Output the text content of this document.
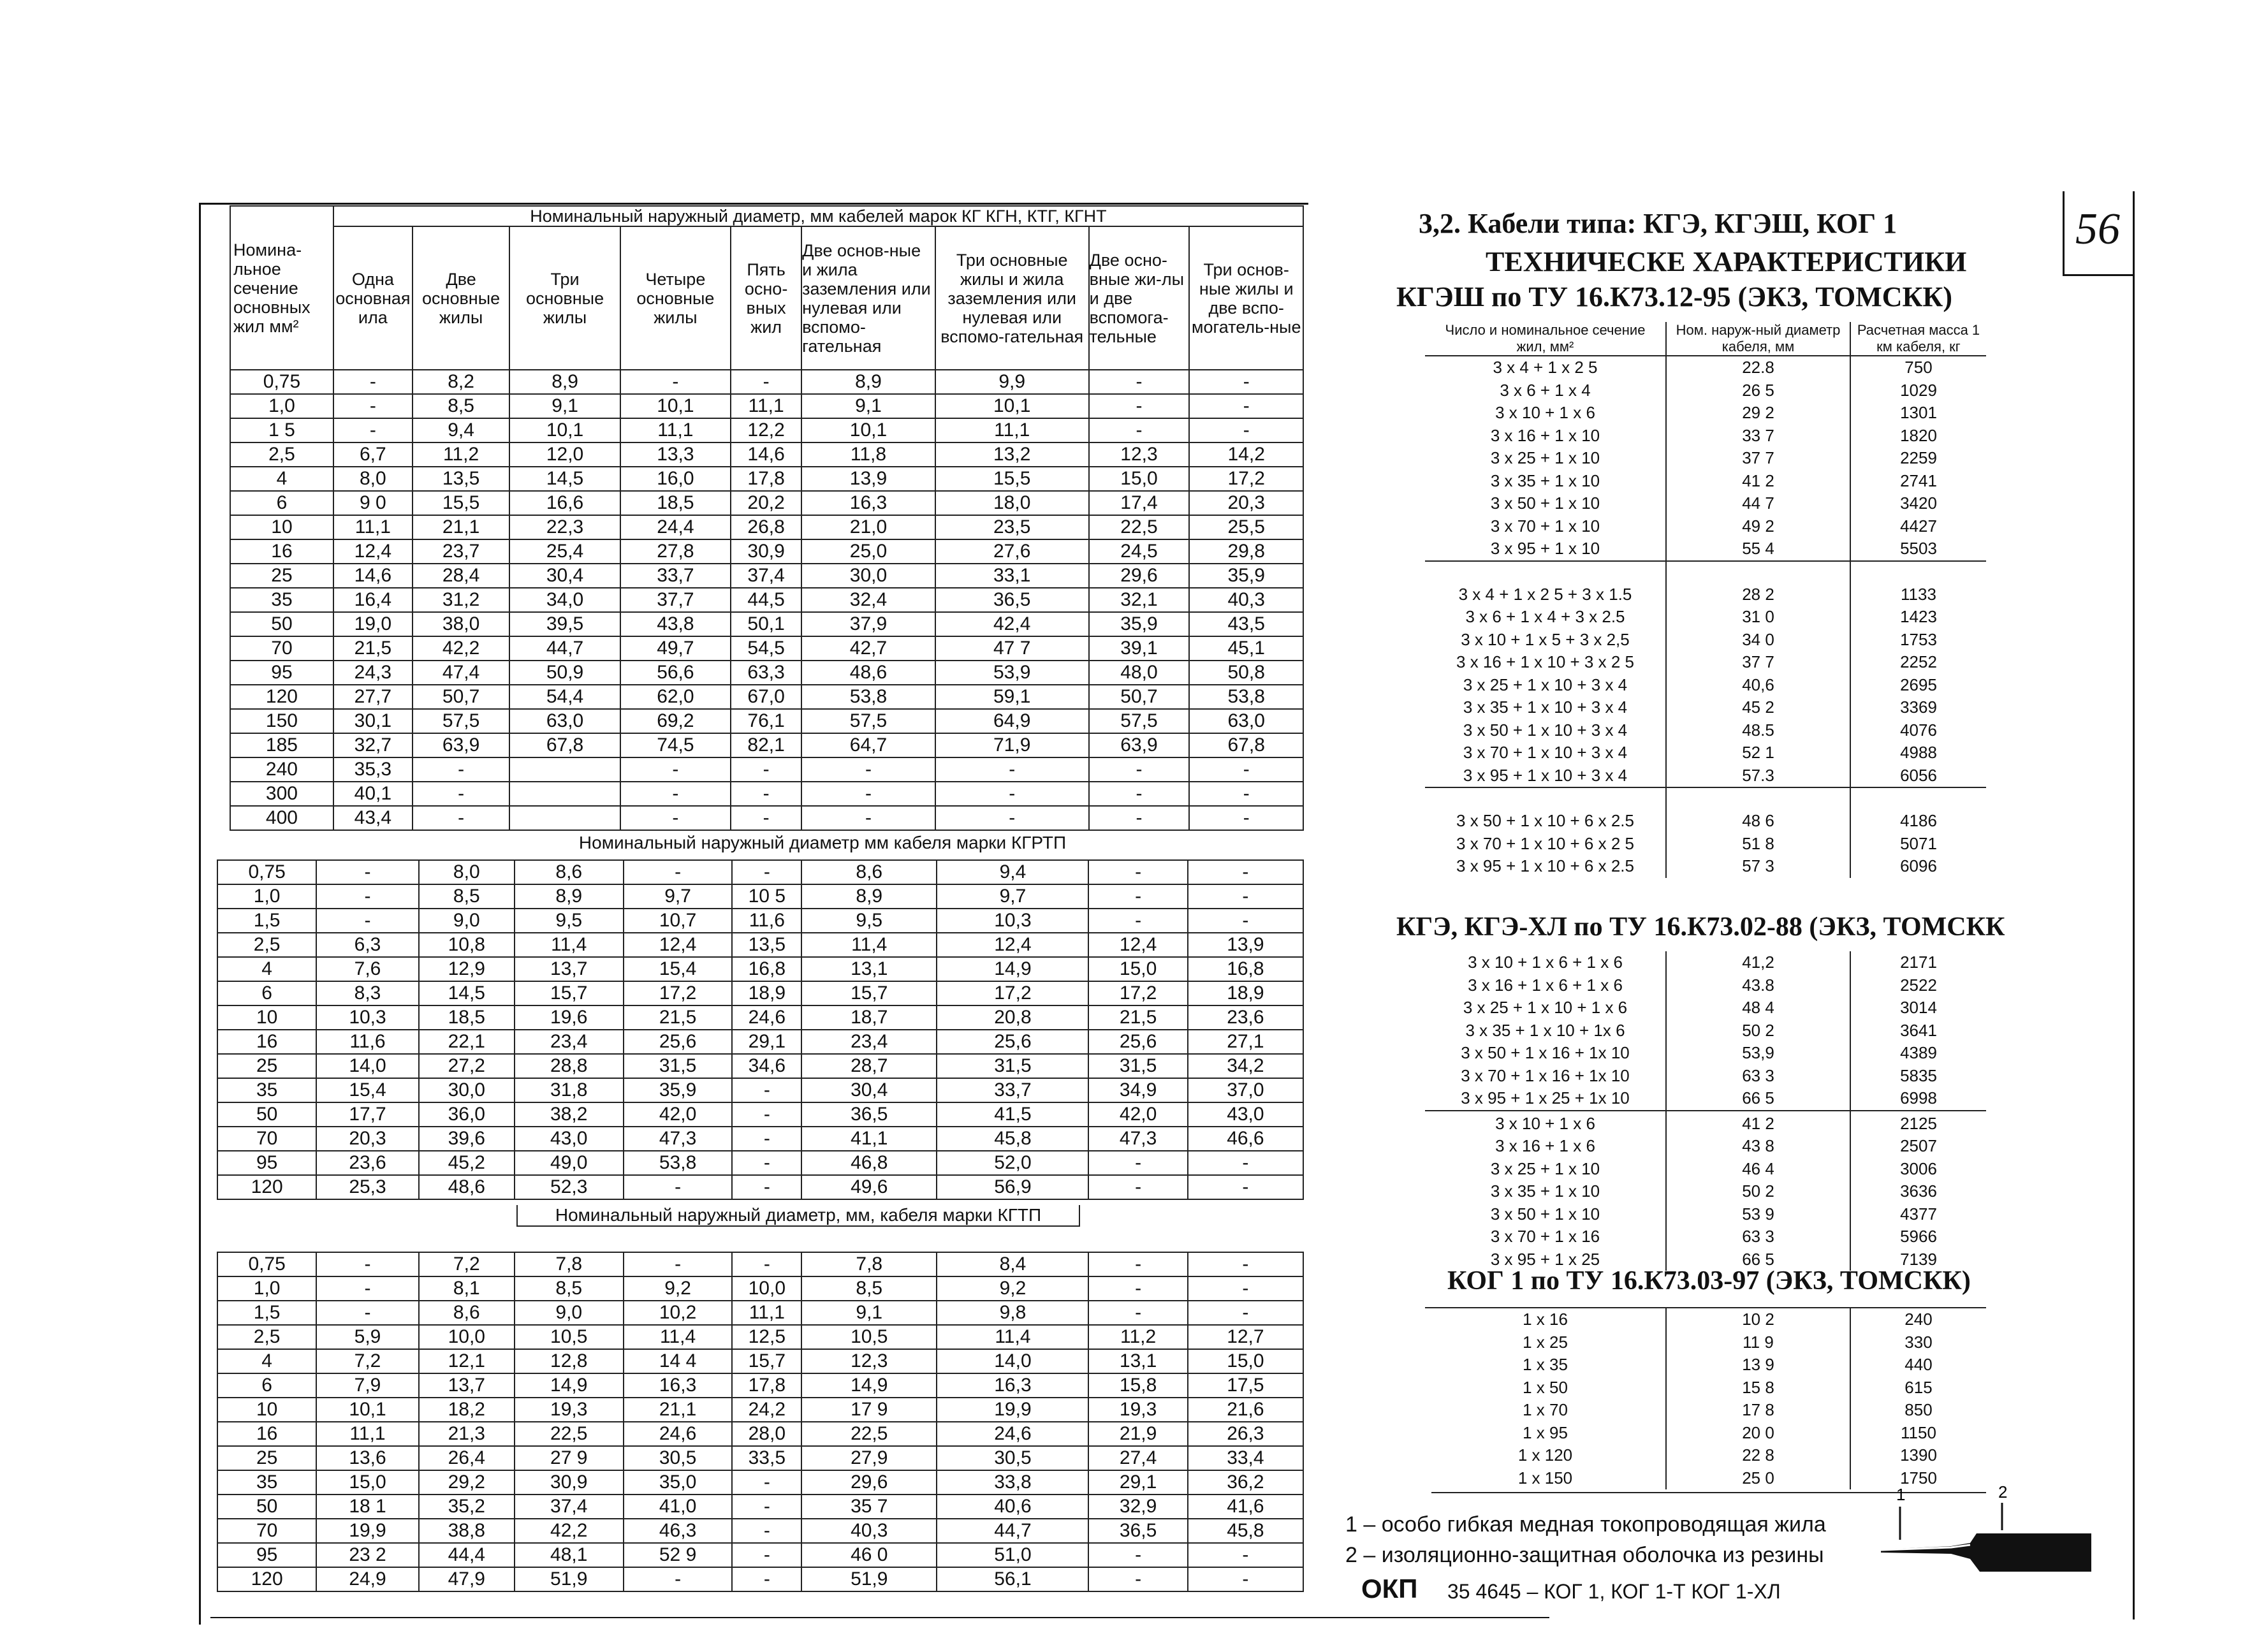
56
Номина-льное сечение основных жил мм²	Номинальный наружный диаметр, мм кабелей марок КГ КГН, КТГ, КГНТ								
	Одна основная ила	Две основные жилы	Три основные жилы	Четыре основные жилы	Пять осно-вных жил	Две основ-ные и жила заземления или нулевая или вспомо-гательная	Три основные жилы и жила заземления или нулевая или вспомо-гательная	Две осно-вные жи-лы и две вспомога-тельные	Три основ-ные жилы и две вспо-могатель-ные
0,75	-	8,2	8,9	-	-	8,9	9,9	-	-
1,0	-	8,5	9,1	10,1	11,1	9,1	10,1	-	-
1 5	-	9,4	10,1	11,1	12,2	10,1	11,1	-	-
2,5	6,7	11,2	12,0	13,3	14,6	11,8	13,2	12,3	14,2
4	8,0	13,5	14,5	16,0	17,8	13,9	15,5	15,0	17,2
6	9 0	15,5	16,6	18,5	20,2	16,3	18,0	17,4	20,3
10	11,1	21,1	22,3	24,4	26,8	21,0	23,5	22,5	25,5
16	12,4	23,7	25,4	27,8	30,9	25,0	27,6	24,5	29,8
25	14,6	28,4	30,4	33,7	37,4	30,0	33,1	29,6	35,9
35	16,4	31,2	34,0	37,7	44,5	32,4	36,5	32,1	40,3
50	19,0	38,0	39,5	43,8	50,1	37,9	42,4	35,9	43,5
70	21,5	42,2	44,7	49,7	54,5	42,7	47 7	39,1	45,1
95	24,3	47,4	50,9	56,6	63,3	48,6	53,9	48,0	50,8
120	27,7	50,7	54,4	62,0	67,0	53,8	59,1	50,7	53,8
150	30,1	57,5	63,0	69,2	76,1	57,5	64,9	57,5	63,0
185	32,7	63,9	67,8	74,5	82,1	64,7	71,9	63,9	67,8
240	35,3	-		-	-	-	-	-	-
300	40,1	-		-	-	-	-	-	-
400	43,4	-		-	-	-	-	-	-
Номинальный наружный диаметр мм кабеля марки КГРТП
0,75	-	8,0	8,6	-	-	8,6	9,4	-	-
1,0	-	8,5	8,9	9,7	10 5	8,9	9,7	-	-
1,5	-	9,0	9,5	10,7	11,6	9,5	10,3	-	-
2,5	6,3	10,8	11,4	12,4	13,5	11,4	12,4	12,4	13,9
4	7,6	12,9	13,7	15,4	16,8	13,1	14,9	15,0	16,8
6	8,3	14,5	15,7	17,2	18,9	15,7	17,2	17,2	18,9
10	10,3	18,5	19,6	21,5	24,6	18,7	20,8	21,5	23,6
16	11,6	22,1	23,4	25,6	29,1	23,4	25,6	25,6	27,1
25	14,0	27,2	28,8	31,5	34,6	28,7	31,5	31,5	34,2
35	15,4	30,0	31,8	35,9	-	30,4	33,7	34,9	37,0
50	17,7	36,0	38,2	42,0	-	36,5	41,5	42,0	43,0
70	20,3	39,6	43,0	47,3	-	41,1	45,8	47,3	46,6
95	23,6	45,2	49,0	53,8	-	46,8	52,0	-	-
120	25,3	48,6	52,3	-	-	49,6	56,9	-	-
Номинальный наружный диаметр, мм, кабеля марки КГТП
0,75	-	7,2	7,8	-	-	7,8	8,4	-	-
1,0	-	8,1	8,5	9,2	10,0	8,5	9,2	-	-
1,5	-	8,6	9,0	10,2	11,1	9,1	9,8	-	-
2,5	5,9	10,0	10,5	11,4	12,5	10,5	11,4	11,2	12,7
4	7,2	12,1	12,8	14 4	15,7	12,3	14,0	13,1	15,0
6	7,9	13,7	14,9	16,3	17,8	14,9	16,3	15,8	17,5
10	10,1	18,2	19,3	21,1	24,2	17 9	19,9	19,3	21,6
16	11,1	21,3	22,5	24,6	28,0	22,5	24,6	21,9	26,3
25	13,6	26,4	27 9	30,5	33,5	27,9	30,5	27,4	33,4
35	15,0	29,2	30,9	35,0	-	29,6	33,8	29,1	36,2
50	18 1	35,2	37,4	41,0	-	35 7	40,6	32,9	41,6
70	19,9	38,8	42,2	46,3	-	40,3	44,7	36,5	45,8
95	23 2	44,4	48,1	52 9	-	46 0	51,0	-	-
120	24,9	47,9	51,9	-	-	51,9	56,1	-	-
3,2. Кабели типа: КГЭ, КГЭШ, КОГ 1
ТЕХНИЧЕСКЕ ХАРАКТЕРИСТИКИ
КГЭШ по ТУ 16.К73.12-95 (ЭКЗ, ТОМСКК)
Число и номинальное сечение жил, мм²	Ном. наруж-ный диаметр кабеля, мм	Расчетная масса 1 км кабеля, кг
3 x 4 + 1 x 2 5	22.8	750
3 x 6 + 1 x 4	26 5	1029
3 x 10 + 1 x 6	29 2	1301
3 x 16 + 1 x 10	33 7	1820
3 x 25 + 1 x 10	37 7	2259
3 x 35 + 1 x 10	41 2	2741
3 x 50 + 1 x 10	44 7	3420
3 x 70 + 1 x 10	49 2	4427
3 x 95 + 1 x 10	55 4	5503

3 x 4 + 1 x 2 5 + 3 x 1.5	28 2	1133
3 x 6 + 1 x 4 + 3 x 2.5	31 0	1423
3 x 10 + 1 x 5 + 3 x 2,5	34 0	1753
3 x 16 + 1 x 10 + 3 x 2 5	37 7	2252
3 x 25 + 1 x 10 + 3 x 4	40,6	2695
3 x 35 + 1 x 10 + 3 x 4	45 2	3369
3 x 50 + 1 x 10 + 3 x 4	48.5	4076
3 x 70 + 1 x 10 + 3 x 4	52 1	4988
3 x 95 + 1 x 10 + 3 x 4	57.3	6056

3 x 50 + 1 x 10 + 6 x 2.5	48 6	4186
3 x 70 + 1 x 10 + 6 x 2 5	51 8	5071
3 x 95 + 1 x 10 + 6 x 2.5	57 3	6096
КГЭ, КГЭ-ХЛ по ТУ 16.К73.02-88 (ЭКЗ, ТОМСКК
3 x 10 + 1 x 6 + 1 x 6	41,2	2171
3 x 16 + 1 x 6 + 1 x 6	43.8	2522
3 x 25 + 1 x 10 + 1 x 6	48 4	3014
3 x 35 + 1 x 10 + 1x 6	50 2	3641
3 x 50 + 1 x 16 + 1x 10	53,9	4389
3 x 70 + 1 x 16 + 1x 10	63 3	5835
3 x 95 + 1 x 25 + 1x 10	66 5	6998

3 x 10 + 1 x 6	41 2	2125
3 x 16 + 1 x 6	43 8	2507
3 x 25 + 1 x 10	46 4	3006
3 x 35 + 1 x 10	50 2	3636
3 x 50 + 1 x 10	53 9	4377
3 x 70 + 1 x 16	63 3	5966
3 x 95 + 1 x 25	66 5	7139
КОГ 1 по ТУ 16.К73.03-97 (ЭКЗ, ТОМСКК)
1 x 16	10 2	240
1 x 25	11 9	330
1 x 35	13 9	440
1 x 50	15 8	615
1 x 70	17 8	850
1 x 95	20 0	1150
1 x 120	22 8	1390
1 x 150	25 0	1750
1 – особо гибкая медная токопроводящая жила
2 – изоляционно-защитная оболочка из резины
ОКП 35 4645 – КОГ 1, КОГ 1-Т КОГ 1-ХЛ
1	2
